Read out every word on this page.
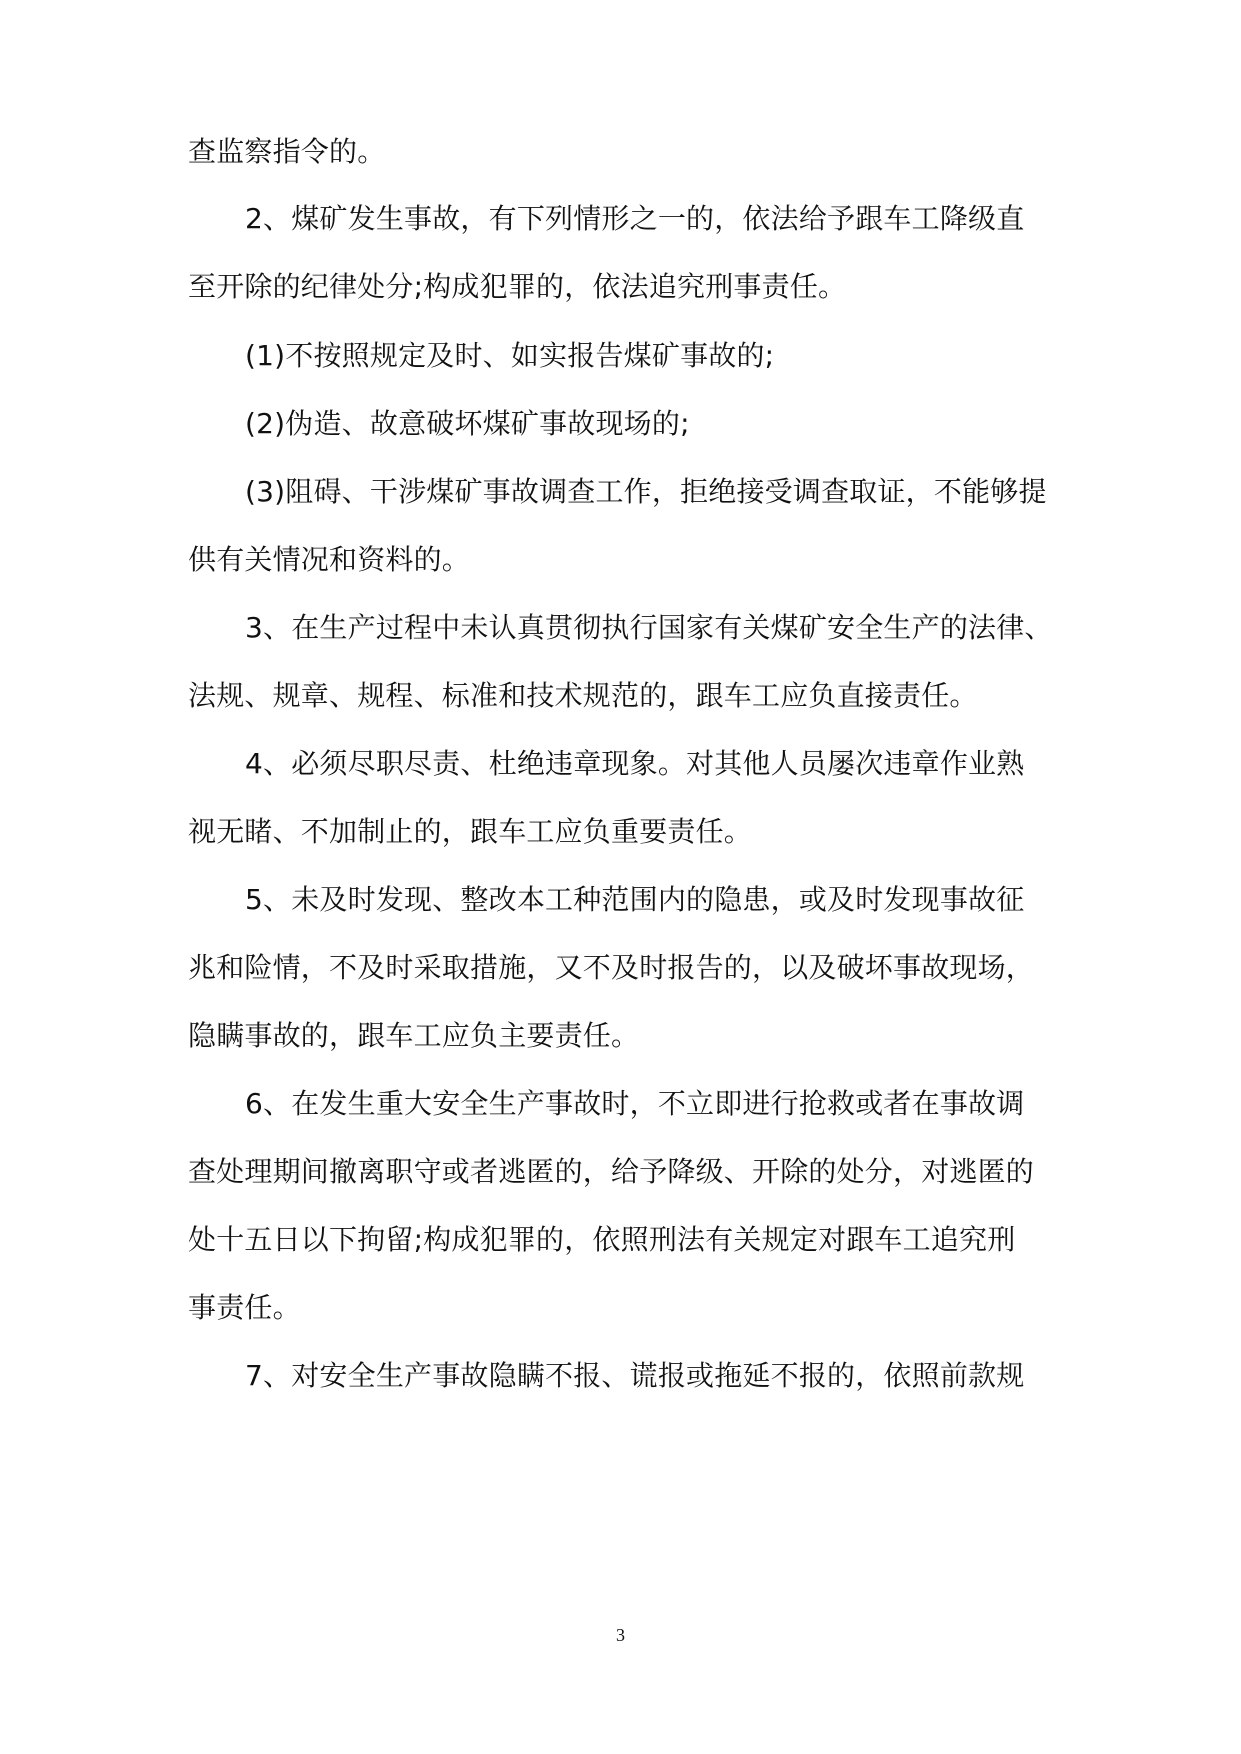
查监察指令的。
2、煤矿发生事故，有下列情形之一的，依法给予跟车工降级直
至开除的纪律处分;构成犯罪的，依法追究刑事责任。
(1)不按照规定及时、如实报告煤矿事故的;
(2)伪造、故意破坏煤矿事故现场的;
(3)阻碍、干涉煤矿事故调查工作，拒绝接受调查取证，不能够提
供有关情况和资料的。
3、在生产过程中未认真贯彻执行国家有关煤矿安全生产的法律、
法规、规章、规程、标准和技术规范的，跟车工应负直接责任。
4、必须尽职尽责、杜绝违章现象。对其他人员屡次违章作业熟
视无睹、不加制止的，跟车工应负重要责任。
5、未及时发现、整改本工种范围内的隐患，或及时发现事故征
兆和险情，不及时采取措施，又不及时报告的，以及破坏事故现场，
隐瞒事故的，跟车工应负主要责任。
6、在发生重大安全生产事故时，不立即进行抢救或者在事故调
查处理期间撤离职守或者逃匿的，给予降级、开除的处分，对逃匿的
处十五日以下拘留;构成犯罪的，依照刑法有关规定对跟车工追究刑
事责任。
7、对安全生产事故隐瞒不报、谎报或拖延不报的，依照前款规
3
